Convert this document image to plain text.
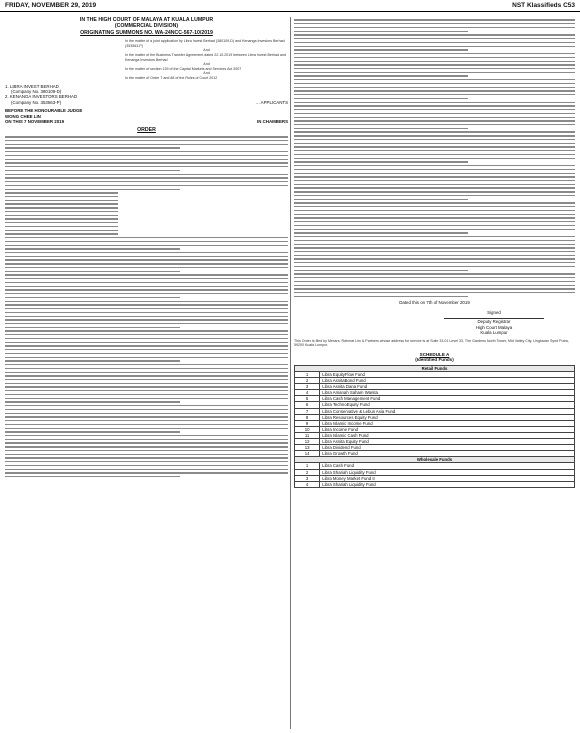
FRIDAY, NOVEMBER 29, 2019	NST Klassifieds C53
IN THE HIGH COURT OF MALAYA AT KUALA LUMPUR
(COMMERCIAL DIVISION)
ORIGINATING SUMMONS NO. WA-24NCC-567-10/2019
In the matter of a joint application by Libra Invest Berhad (380109-D) and Kenanga Investors Berhad (353563-P)
And
In the matter of the Business Transfer Agreement dated 22.10.2019 between Libra Invest Berhad and Kenanga Investors Berhad
And
In the matter of section 139 of the Capital Markets and Services Act 2007
And
In the matter of Order 7 and 88 of the Rules of Court 2012
1. LIBRA INVEST BERHAD
(Company No. 380109-D)
2. KENANGA INVESTORS BERHAD
(Company No. 353563-P)	... APPLICANTS
BEFORE THE HONOURABLE JUDGE
WONG CHEE LIN
ON THIS 7 NOVEMBER 2019	IN CHAMBERS
ORDER
Dated this on 7th of November 2019
Signed
Deputy Registrar
High Court Malaya
Kuala Lumpur
This Order is filed by Messrs. Rahmat Lim & Partners whose address for service is at Suite 33.01 Level 33, The Gardens North Tower, Mid Valley City, Lingkaran Syed Putra, 59200 Kuala Lumpur.
SCHEDULE A
(Identified Funds)
Retail Funds	
1	Libra EquityFlow Fund
2	Libra AsnitaBond Fund
3	Libra Asnita Dana Fund
4	Libra Amanah Saham Wanita
5	Libra Cash Management Fund
6	Libra TechnoEquity Fund
7	Libra Conservative & Lebus Asia Fund
8	Libra Resources Equity Fund
9	Libra Islamic Income Fund
10	Libra Income Fund
11	Libra Islamic Cash Fund
12	Libra Asnita Equity Fund
13	Libra Dividend Fund
14	Libra Growth Fund
Wholesale Funds	
1	Libra Cash Fund
2	Libra Shariah Liquidity Fund
3	Libra Money Market Fund II
4	Libra Shariah Liquidity Fund
